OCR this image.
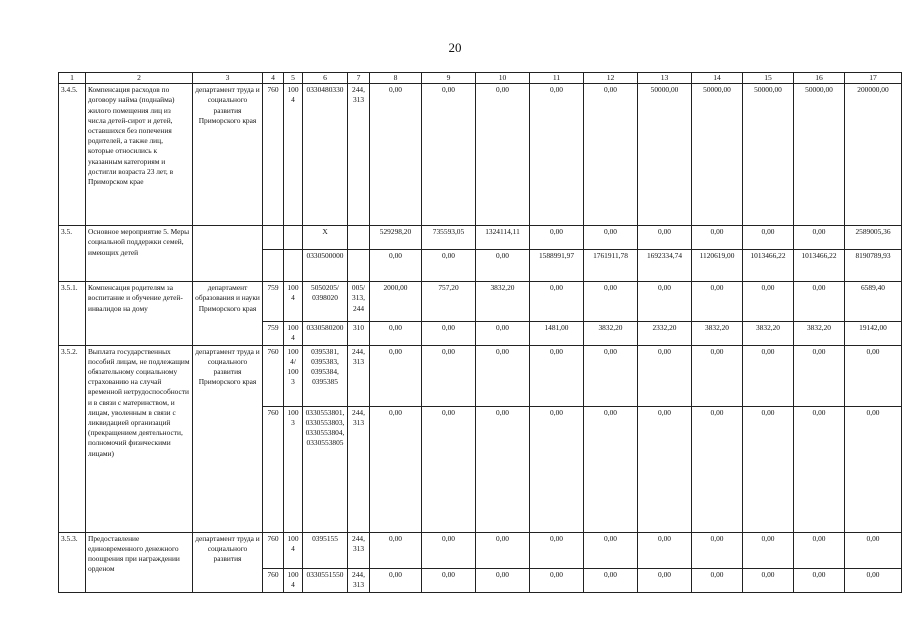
20
1	2	3	4	5	6	7	8	9	10	11	12	13	14	15	16	17
3.4.5.	Компенсация расходов по договору найма (поднайма) жилого помещения лиц из числа детей-сирот и детей, оставшихся без попечения родителей, а также лиц, которые относились к указанным категориям и достигли возраста 23 лет, в Приморском крае	департамент труда и социального развития Приморского края	760	1004	0330480330	244, 313	0,00	0,00	0,00	0,00	0,00	50000,00	50000,00	50000,00	50000,00	200000,00
3.5.	Основное мероприятие 5. Меры социальной поддержки семей, имеющих детей				X		529298,20	735593,05	1324114,11	0,00	0,00	0,00	0,00	0,00	0,00	2589005,36
					0330500000		0,00	0,00	0,00	1588991,97	1761911,78	1692334,74	1120619,00	1013466,22	1013466,22	8190789,93
3.5.1.	Компенсация родителям за воспитание и обучение детей-инвалидов на дому	департамент образования и науки Приморского края	759	1004	5050205/ 0398020	005/ 313, 244	2000,00	757,20	3832,20	0,00	0,00	0,00	0,00	0,00	0,00	6589,40
			759	1004	0330580200	310	0,00	0,00	0,00	1481,00	3832,20	2332,20	3832,20	3832,20	3832,20	19142,00
3.5.2.	Выплата государственных пособий лицам, не подлежащим обязательному социальному страхованию на случай временной нетрудоспособности и в связи с материнством, и лицам, уволенным в связи с ликвидацией организаций (прекращением деятельности, полномочий физическими лицами)	департамент труда и социального развития Приморского края	760	1004/ 1003	0395381, 0395383, 0395384, 0395385	244, 313	0,00	0,00	0,00	0,00	0,00	0,00	0,00	0,00	0,00	0,00
			760	1003	0330553801, 0330553803, 0330553804, 0330553805	244, 313	0,00	0,00	0,00	0,00	0,00	0,00	0,00	0,00	0,00	0,00
3.5.3.	Предоставление единовременного денежного поощрения при награждении орденом	департамент труда и социального развития	760	1004	0395155	244, 313	0,00	0,00	0,00	0,00	0,00	0,00	0,00	0,00	0,00	0,00
			760	1004	0330551550	244, 313	0,00	0,00	0,00	0,00	0,00	0,00	0,00	0,00	0,00	0,00
